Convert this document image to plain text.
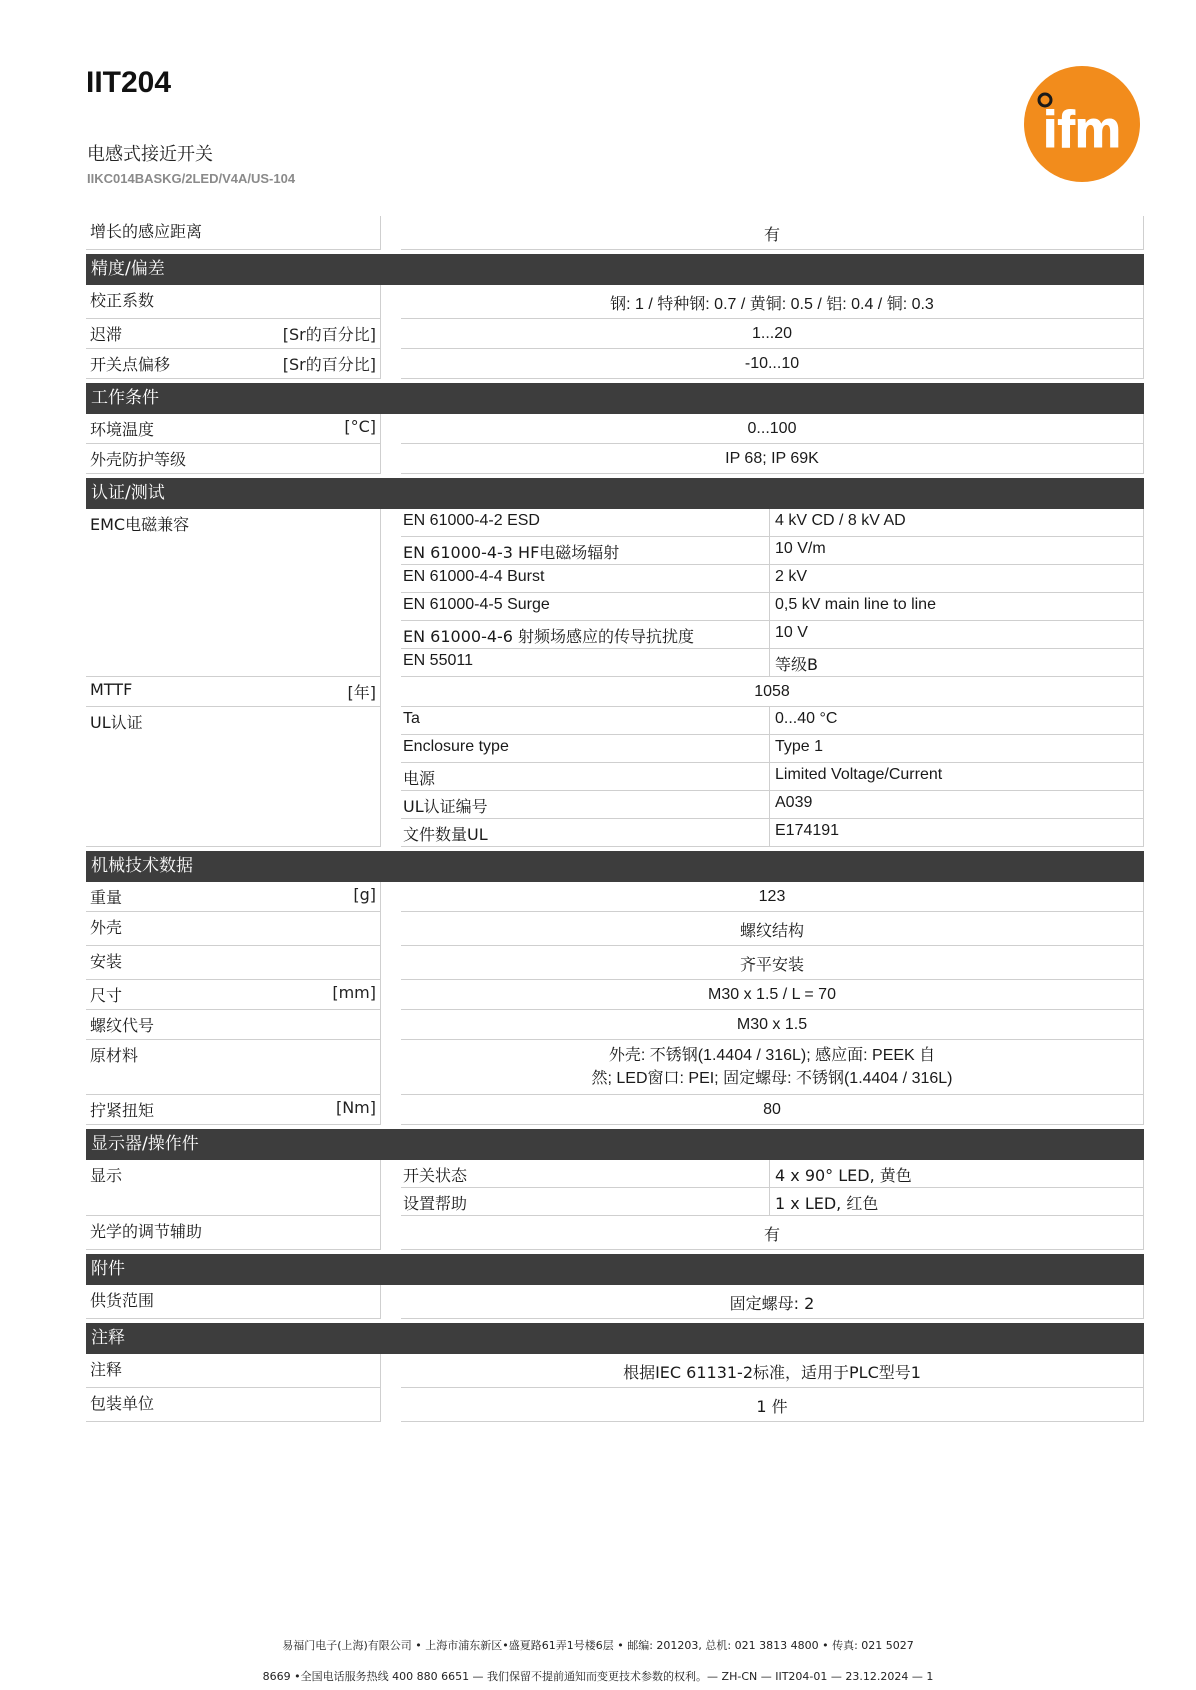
IIT204
电感式接近开关
IIKC014BASKG/2LED/V4A/US-104
ifm
增长的感应距离	有
精度/偏差
校正系数	钢: 1 / 特种钢: 0.7 / 黄铜: 0.5 / 铝: 0.4 / 铜: 0.3
迟滞	[Sr的百分比]	1...20
开关点偏移	[Sr的百分比]	-10...10
工作条件
环境温度	[°C]	0...100
外壳防护等级	IP 68; IP 69K
认证/测试
EMC电磁兼容	EN 61000-4-2 ESD	4 kV CD / 8 kV AD
EN 61000-4-3 HF电磁场辐射	10 V/m
EN 61000-4-4 Burst	2 kV
EN 61000-4-5 Surge	0,5 kV main line to line
EN 61000-4-6 射频场感应的传导抗扰度	10 V
EN 55011	等级B
MTTF	[年]	1058
UL认证	Ta	0...40 °C
Enclosure type	Type 1
电源	Limited Voltage/Current
UL认证编号	A039
文件数量UL	E174191
机械技术数据
重量	[g]	123
外壳	螺纹结构
安装	齐平安装
尺寸	[mm]	M30 x 1.5 / L = 70
螺纹代号	M30 x 1.5
原材料	外壳: 不锈钢(1.4404 / 316L); 感应面: PEEK 自
然; LED窗口: PEI; 固定螺母: 不锈钢(1.4404 / 316L)
拧紧扭矩	[Nm]	80
显示器/操作件
显示	开关状态	4 x 90° LED, 黄色
设置帮助	1 x LED, 红色
光学的调节辅助	有
附件
供货范围	固定螺母: 2
注释
注释	根据IEC 61131-2标准，适用于PLC型号1
包装单位	1 件
易福门电子(上海)有限公司 • 上海市浦东新区•盛夏路61弄1号楼6层 • 邮编: 201203, 总机: 021 3813 4800 • 传真: 021 5027
8669 •全国电话服务热线 400 880 6651 — 我们保留不提前通知而变更技术参数的权利。— ZH-CN — IIT204-01 — 23.12.2024 — 1
